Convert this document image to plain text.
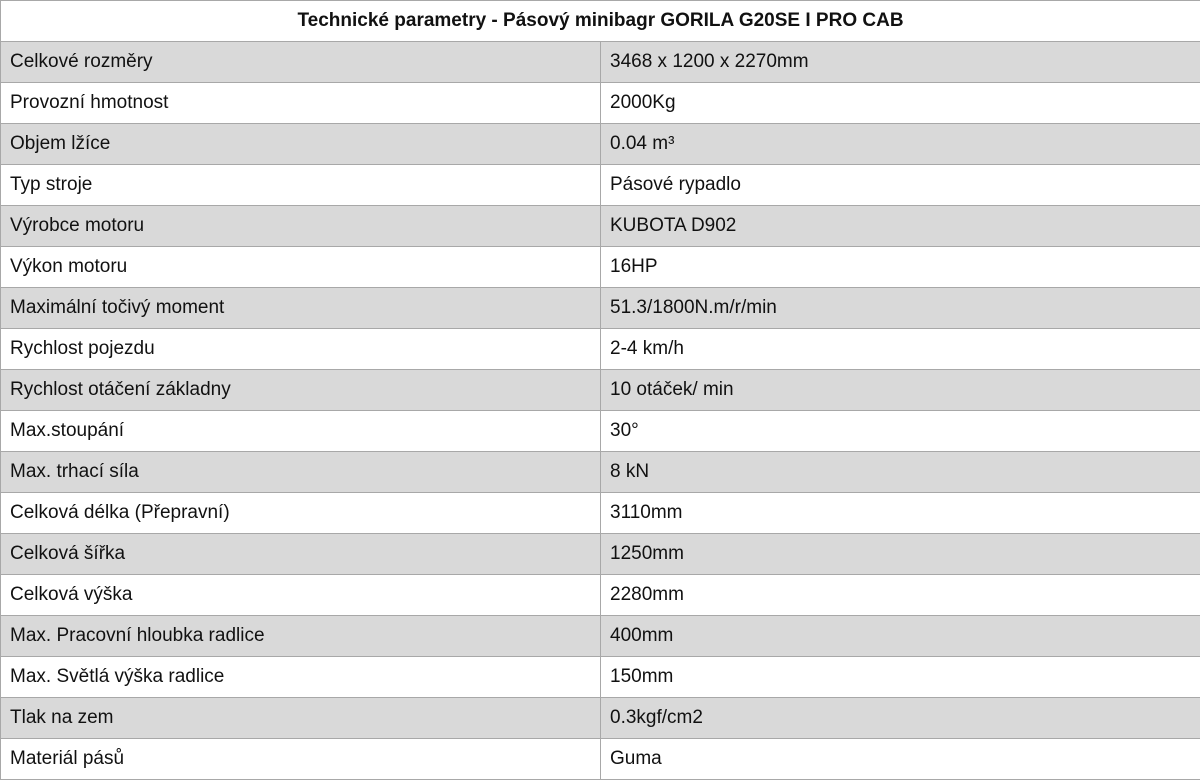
Technické parametry - Pásový minibagr GORILA G20SE I PRO CAB	
Celkové rozměry	3468 x 1200 x 2270mm
Provozní hmotnost	2000Kg
Objem lžíce	0.04 m³
Typ stroje	Pásové rypadlo
Výrobce motoru	KUBOTA D902
Výkon motoru	16HP
Maximální točivý moment	51.3/1800N.m/r/min
Rychlost pojezdu	2-4 km/h
Rychlost otáčení základny	10 otáček/ min
Max.stoupání	30°
Max. trhací síla	8 kN
Celková délka (Přepravní)	3110mm
Celková šířka	1250mm
Celková výška	2280mm
Max. Pracovní hloubka radlice	400mm
Max. Světlá výška radlice	150mm
Tlak na zem	0.3kgf/cm2
Materiál pásů	Guma
